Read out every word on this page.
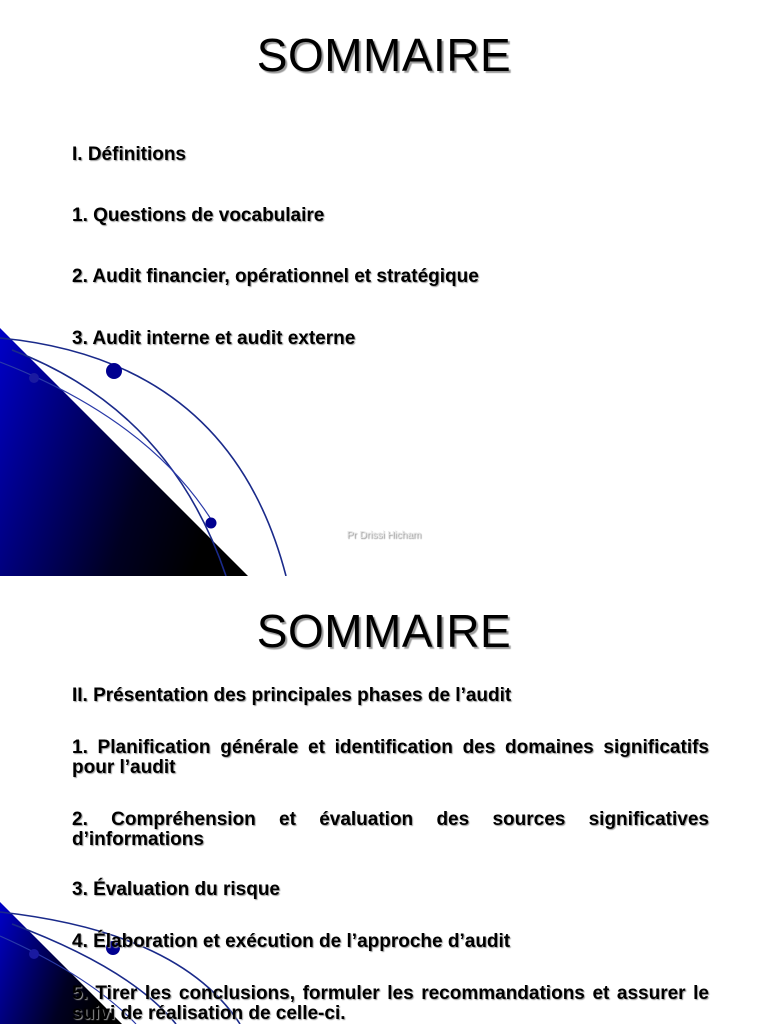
SOMMAIRE
I. Définitions
1. Questions de vocabulaire
2. Audit financier, opérationnel et stratégique
3. Audit interne et audit externe
Pr Drissi Hicham
SOMMAIRE
II. Présentation des principales phases de l’audit
1. Planification générale et identification des domaines significatifs pour l’audit
2. Compréhension et évaluation des sources significatives d’informations
3. Évaluation du risque
4. Élaboration et exécution de l’approche d’audit
5. Tirer les conclusions, formuler les recommandations et assurer le suivi de réalisation de celle-ci.
